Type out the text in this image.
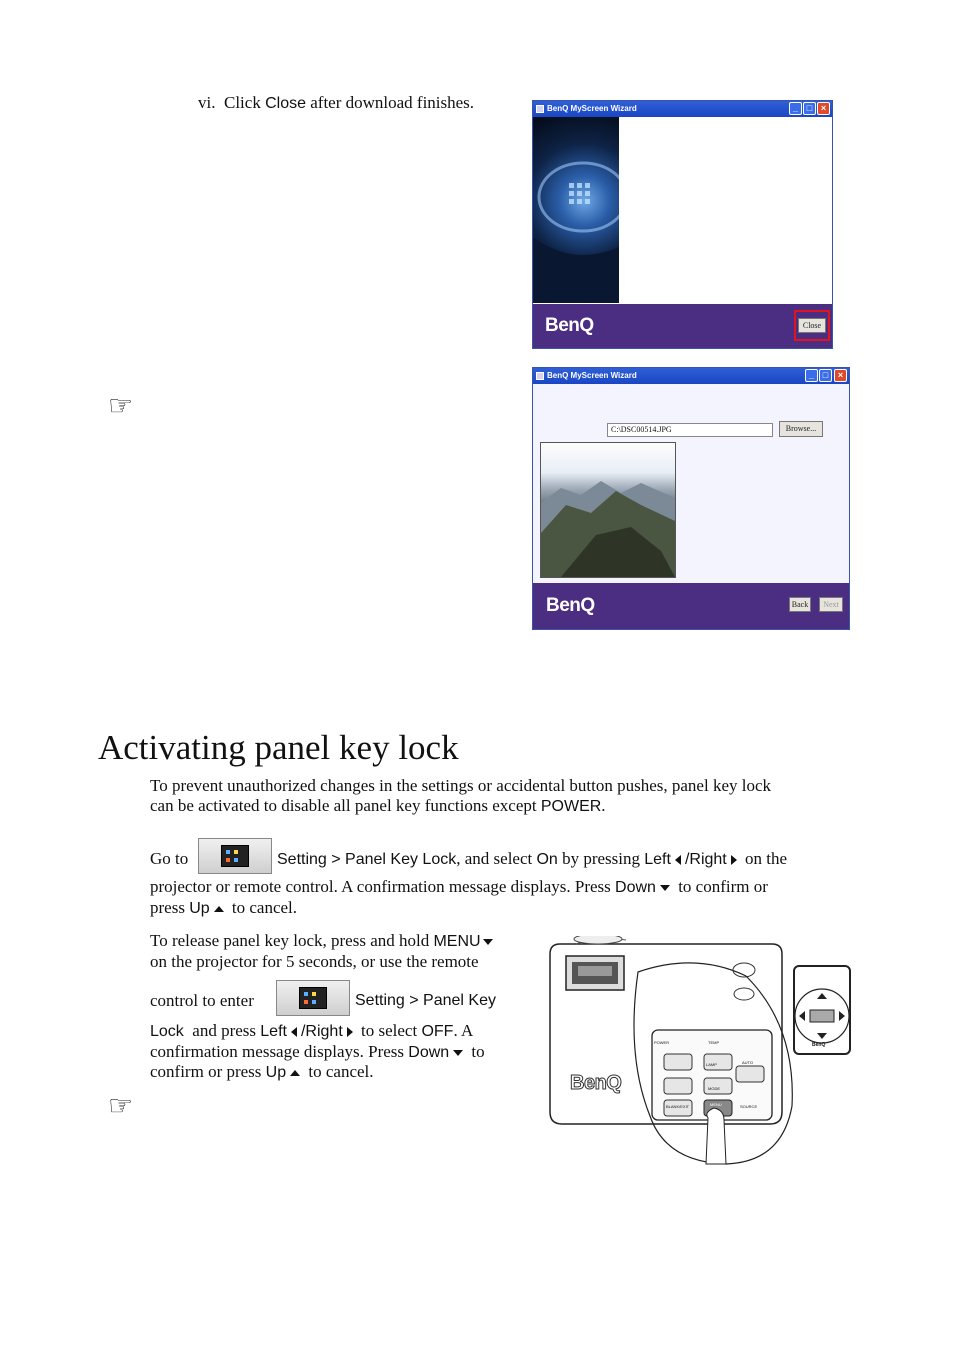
vi. Click Close after download finishes.	BenQ MyScreen Wizard	_ □ ×
BenQ	Close
☞
BenQ MyScreen Wizard	_ □	×
C:\DSC00514.JPG	Browse...
BenQ	Back	Next
Activating panel key lock
To prevent unauthorized changes in the settings or accidental button pushes, panel key lock
can be activated to disable all panel key functions except POWER.
Go to	Setting > Panel Key Lock, and select On by pressing Left /Right on the
projector or remote control. A confirmation message displays. Press Down to confirm or
press Up to cancel.
To release panel key lock, press and hold MENU
on the projector for 5 seconds, or use the remote
control to enter	Setting > Panel Key
Lock and press Left /Right to select OFF. A
confirmation message displays. Press Down to
confirm or press Up to cancel.
☞
BenQ
POWER	TEMP
LAMP	AUTO
MODE
BLANK/EXIT	MENU	SOURCE
BenQ
